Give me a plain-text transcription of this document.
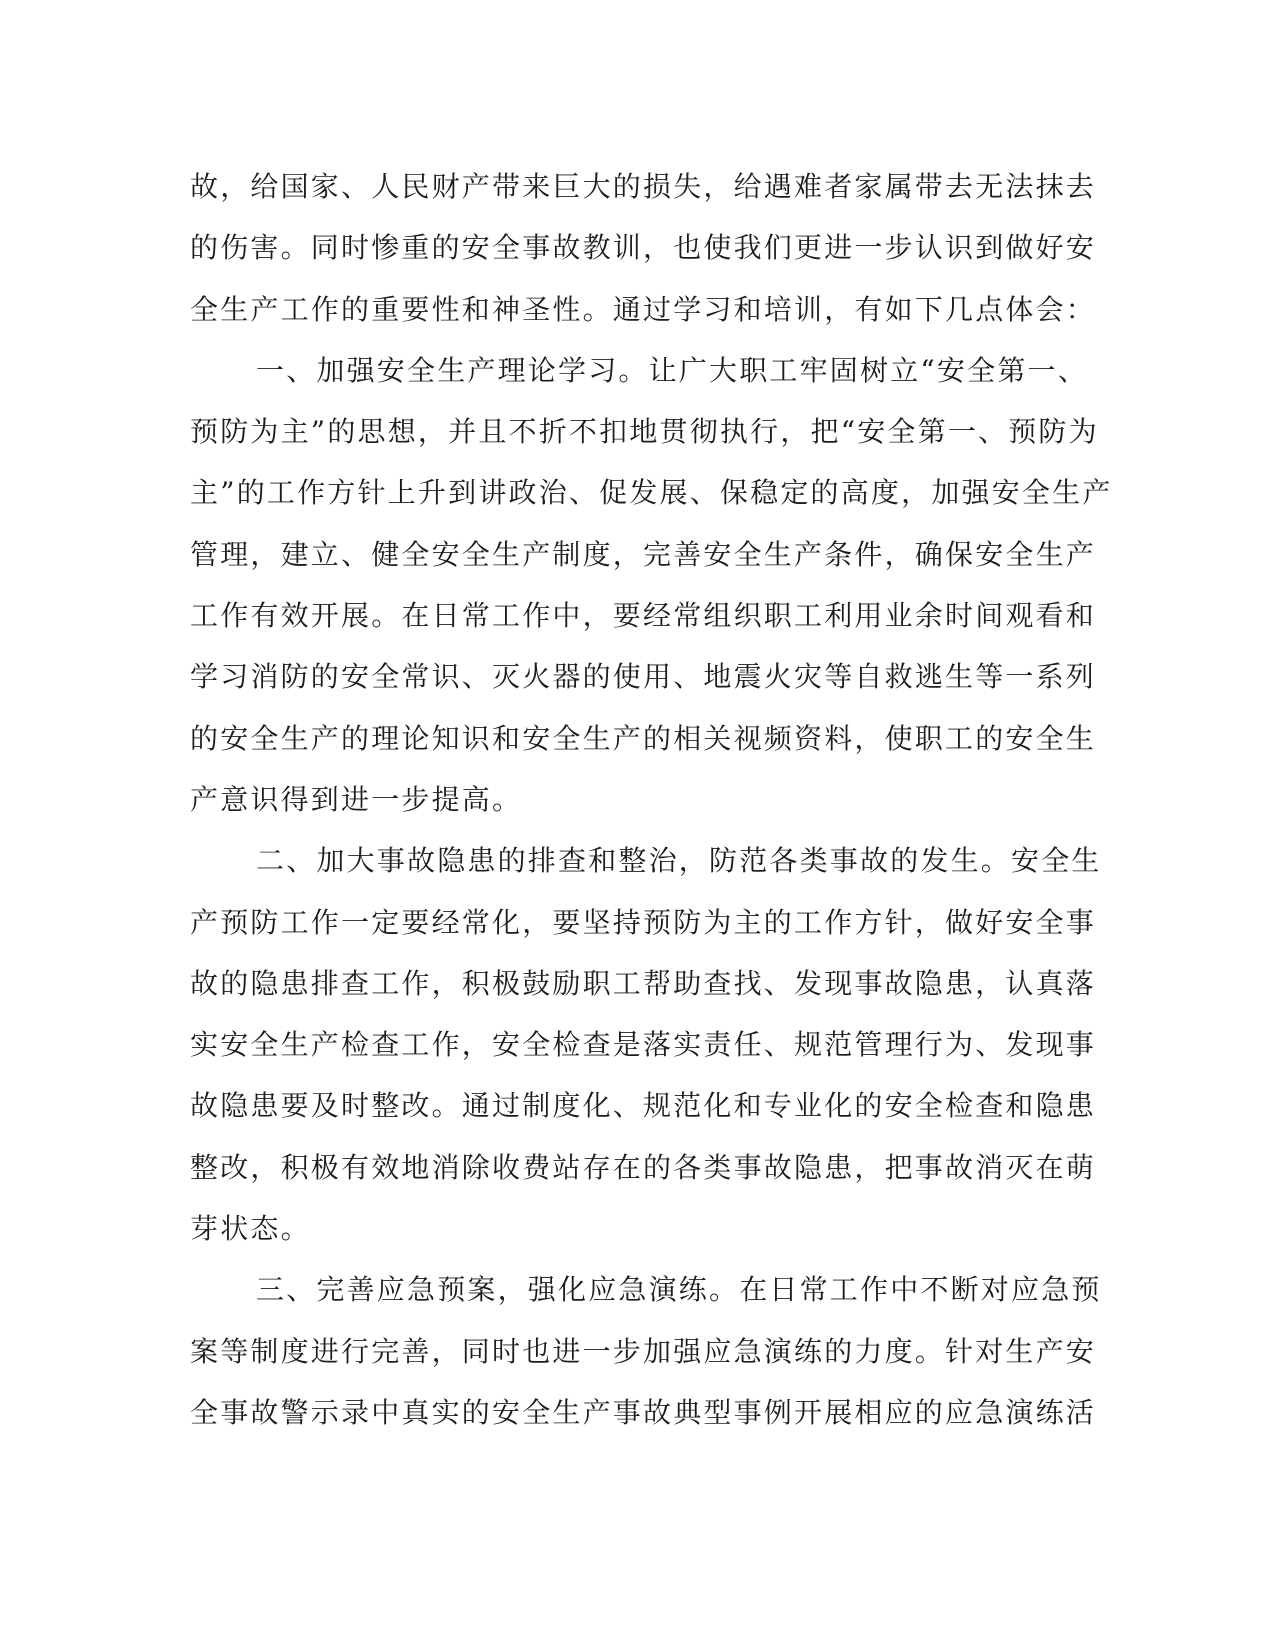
故，给国家、人民财产带来巨大的损失，给遇难者家属带去无法抹去
的伤害。同时惨重的安全事故教训，也使我们更进一步认识到做好安
全生产工作的重要性和神圣性。通过学习和培训，有如下几点体会：
一、加强安全生产理论学习。让广大职工牢固树立“安全第一、
预防为主”的思想，并且不折不扣地贯彻执行，把“安全第一、预防为
主”的工作方针上升到讲政治、促发展、保稳定的高度，加强安全生产
管理，建立、健全安全生产制度，完善安全生产条件，确保安全生产
工作有效开展。在日常工作中，要经常组织职工利用业余时间观看和
学习消防的安全常识、灭火器的使用、地震火灾等自救逃生等一系列
的安全生产的理论知识和安全生产的相关视频资料，使职工的安全生
产意识得到进一步提高。
二、加大事故隐患的排查和整治，防范各类事故的发生。安全生
产预防工作一定要经常化，要坚持预防为主的工作方针，做好安全事
故的隐患排查工作，积极鼓励职工帮助查找、发现事故隐患，认真落
实安全生产检查工作，安全检查是落实责任、规范管理行为、发现事
故隐患要及时整改。通过制度化、规范化和专业化的安全检查和隐患
整改，积极有效地消除收费站存在的各类事故隐患，把事故消灭在萌
芽状态。
三、完善应急预案，强化应急演练。在日常工作中不断对应急预
案等制度进行完善，同时也进一步加强应急演练的力度。针对生产安
全事故警示录中真实的安全生产事故典型事例开展相应的应急演练活
